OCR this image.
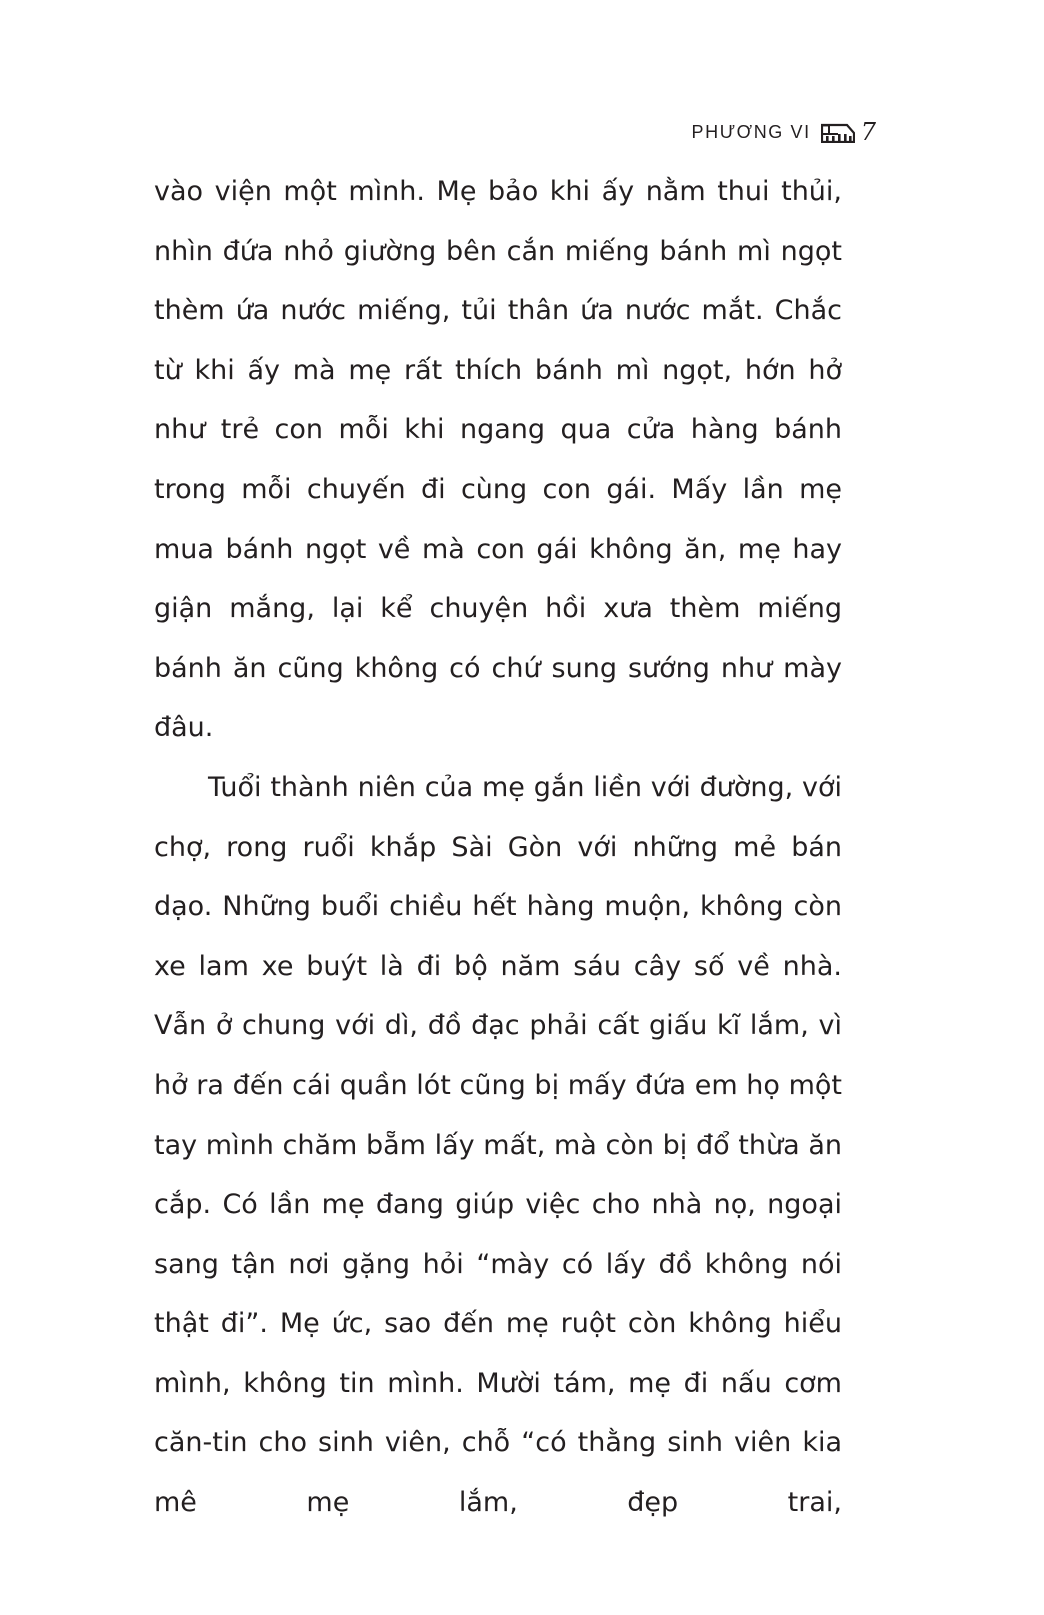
PHƯƠNG VI 7

vào viện một mình. Mẹ bảo khi ấy nằm thui thủi, nhìn đứa nhỏ giường bên cắn miếng bánh mì ngọt thèm ứa nước miếng, tủi thân ứa nước mắt. Chắc từ khi ấy mà mẹ rất thích bánh mì ngọt, hớn hở như trẻ con mỗi khi ngang qua cửa hàng bánh trong mỗi chuyến đi cùng con gái. Mấy lần mẹ mua bánh ngọt về mà con gái không ăn, mẹ hay giận mắng, lại kể chuyện hồi xưa thèm miếng bánh ăn cũng không có chứ sung sướng như mày đâu.

Tuổi thành niên của mẹ gắn liền với đường, với chợ, rong ruổi khắp Sài Gòn với những mẻ bán dạo. Những buổi chiều hết hàng muộn, không còn xe lam xe buýt là đi bộ năm sáu cây số về nhà. Vẫn ở chung với dì, đồ đạc phải cất giấu kĩ lắm, vì hở ra đến cái quần lót cũng bị mấy đứa em họ một tay mình chăm bẵm lấy mất, mà còn bị đổ thừa ăn cắp. Có lần mẹ đang giúp việc cho nhà nọ, ngoại sang tận nơi gặng hỏi “mày có lấy đồ không nói thật đi”. Mẹ ức, sao đến mẹ ruột còn không hiểu mình, không tin mình. Mười tám, mẹ đi nấu cơm căn-tin cho sinh viên, chỗ “có thằng sinh viên kia mê mẹ lắm, đẹp trai,
